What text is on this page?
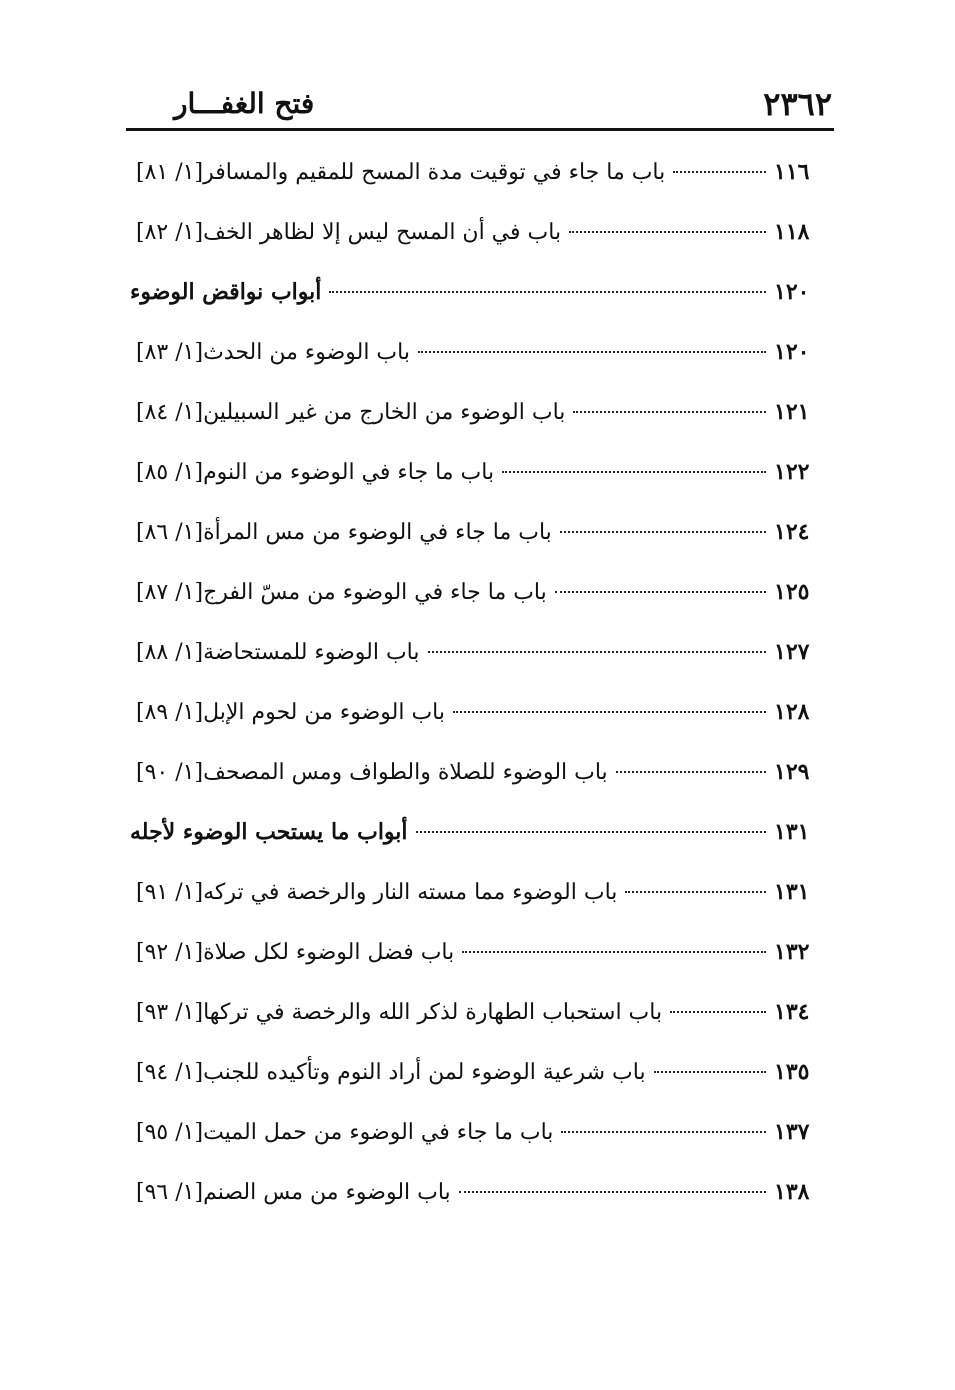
٢٣٦٢
فتح الغفـــار
[١/ ٨١] باب ما جاء في توقيت مدة المسح للمقيم والمسافر	١١٦
[١/ ٨٢] باب في أن المسح ليس إلا لظاهر الخف	١١٨
أبواب نواقض الوضوء	١٢٠
[١/ ٨٣] باب الوضوء من الحدث	١٢٠
[١/ ٨٤] باب الوضوء من الخارج من غير السبيلين	١٢١
[١/ ٨٥] باب ما جاء في الوضوء من النوم	١٢٢
[١/ ٨٦] باب ما جاء في الوضوء من مس المرأة	١٢٤
[١/ ٨٧] باب ما جاء في الوضوء من مسّ الفرج	١٢٥
[١/ ٨٨] باب الوضوء للمستحاضة	١٢٧
[١/ ٨٩] باب الوضوء من لحوم الإبل	١٢٨
[١/ ٩٠] باب الوضوء للصلاة والطواف ومس المصحف	١٢٩
أبواب ما يستحب الوضوء لأجله	١٣١
[١/ ٩١] باب الوضوء مما مسته النار والرخصة في تركه	١٣١
[١/ ٩٢] باب فضل الوضوء لكل صلاة	١٣٢
[١/ ٩٣] باب استحباب الطهارة لذكر الله والرخصة في تركها	١٣٤
[١/ ٩٤] باب شرعية الوضوء لمن أراد النوم وتأكيده للجنب	١٣٥
[١/ ٩٥] باب ما جاء في الوضوء من حمل الميت	١٣٧
[١/ ٩٦] باب الوضوء من مس الصنم	١٣٨
